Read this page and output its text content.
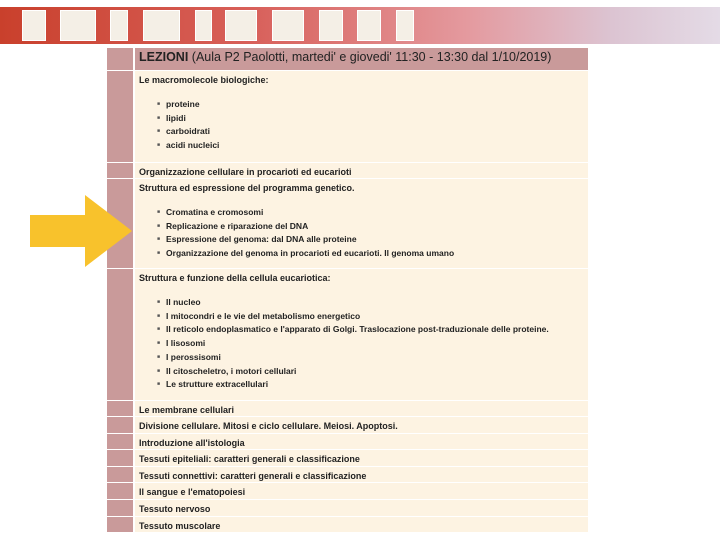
LEZIONI (Aula P2 Paolotti, martedi' e giovedi' 11:30 - 13:30 dal 1/10/2019)
Le macromolecole biologiche:
■ proteine
■ lipidi
■ carboidrati
■ acidi nucleici
Organizzazione cellulare in procarioti ed eucarioti
Struttura ed espressione del programma genetico.
■ Cromatina e cromosomi
■ Replicazione e riparazione del DNA
■ Espressione del genoma: dal DNA alle proteine
■ Organizzazione del genoma in procarioti ed eucarioti. Il genoma umano
Struttura e funzione della cellula eucariotica:
■ Il nucleo
■ I mitocondri e le vie del metabolismo energetico
■ Il reticolo endoplasmatico e l'apparato di Golgi. Traslocazione post-traduzionale delle proteine.
■ I lisosomi
■ I perossisomi
■ Il citoscheletro, i motori cellulari
■ Le strutture extracellulari
Le membrane cellulari
Divisione cellulare. Mitosi e ciclo cellulare. Meiosi. Apoptosi.
Introduzione all'istologia
Tessuti epiteliali: caratteri generali e classificazione
Tessuti connettivi: caratteri generali e classificazione
Il sangue e l'ematopoiesi
Tessuto nervoso
Tessuto muscolare
